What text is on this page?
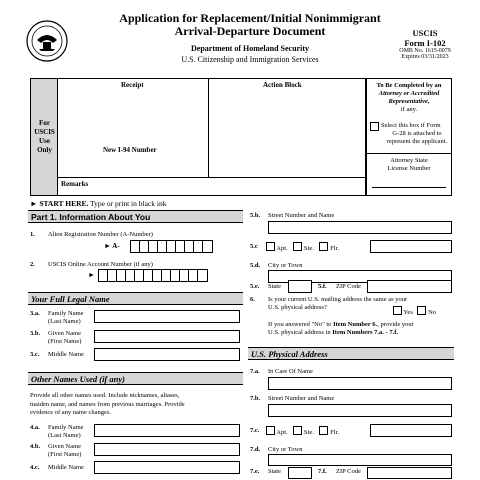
Application for Replacement/Initial Nonimmigrant
Arrival-Departure Document
Department of Homeland Security
U.S. Citizenship and Immigration Services
USCIS
Form I-102
OMB No. 1615-0079
Expires 03/31/2023
For
USCIS
Use
Only
Receipt	Action Block
New I-94 Number
Remarks
To Be Completed by an
Attorney or Accredited
Representative,
if any.
Select this box if Form
G-28 is attached to
represent the applicant.
Attorney State
License Number
► START HERE. Type or print in black ink
Part 1. Information About You
1. Alien Registration Number (A-Number)
► A-
2. USCIS Online Account Number (if any)
►
Your Full Legal Name
3.a. Family Name
(Last Name)
3.b. Given Name
(First Name)
3.c. Middle Name
Other Names Used (if any)
Provide all other names used. Include nicknames, aliases,
maiden name, and names from previous marriages. Provide
evidence of any name changes.
4.a. Family Name
(Last Name)
4.b. Given Name
(First Name)
4.c. Middle Name
5.b. Street Number and Name
5.c	Apt.	Ste.	Flr.
5.d. City or Town
5.e. State	5.f. ZIP Code
6. Is your current U.S. mailing address the same as your
U.S. physical address?
Yes No
If you answered "No" to Item Number 6., provide your
U.S. physical address in Item Numbers 7.a. - 7.f.
U.S. Physical Address
7.a. In Care Of Name
7.b. Street Number and Name
7.c.	Apt.	Ste.	Flr.
7.d. City or Town
7.e. State	7.f. ZIP Code
